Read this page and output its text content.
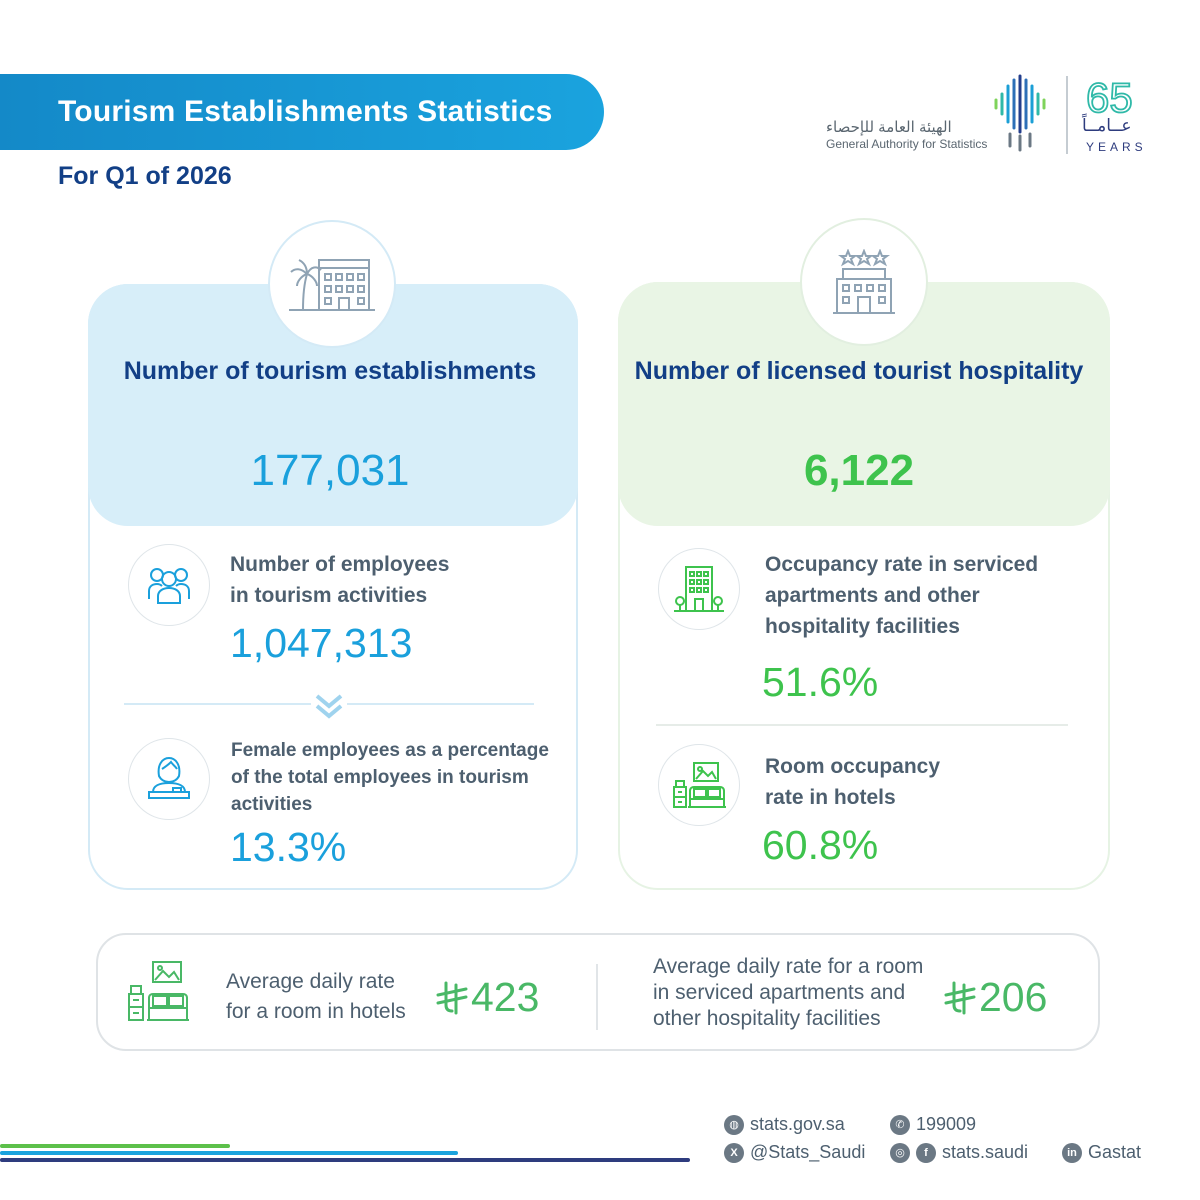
Tourism Establishments Statistics
For Q1 of 2026
الهيئة العامة للإحصاء
General Authority for Statistics
65
عــامــاً
YEARS
Number of tourism establishments
177,031
Number of employees
in tourism activities
1,047,313
Female employees as a percentage
of the total employees in tourism
activities
13.3%
Number of licensed tourist hospitality
6,122
Occupancy rate in serviced
apartments and other
hospitality facilities
51.6%
Room occupancy
rate in hotels
60.8%
Average daily rate
for a room in hotels 423
Average daily rate for a room
in serviced apartments and
other hospitality facilities	206
◍ stats.gov.sa	✆ 199009
X @Stats_Saudi	◎	f stats.saudi	in Gastat
